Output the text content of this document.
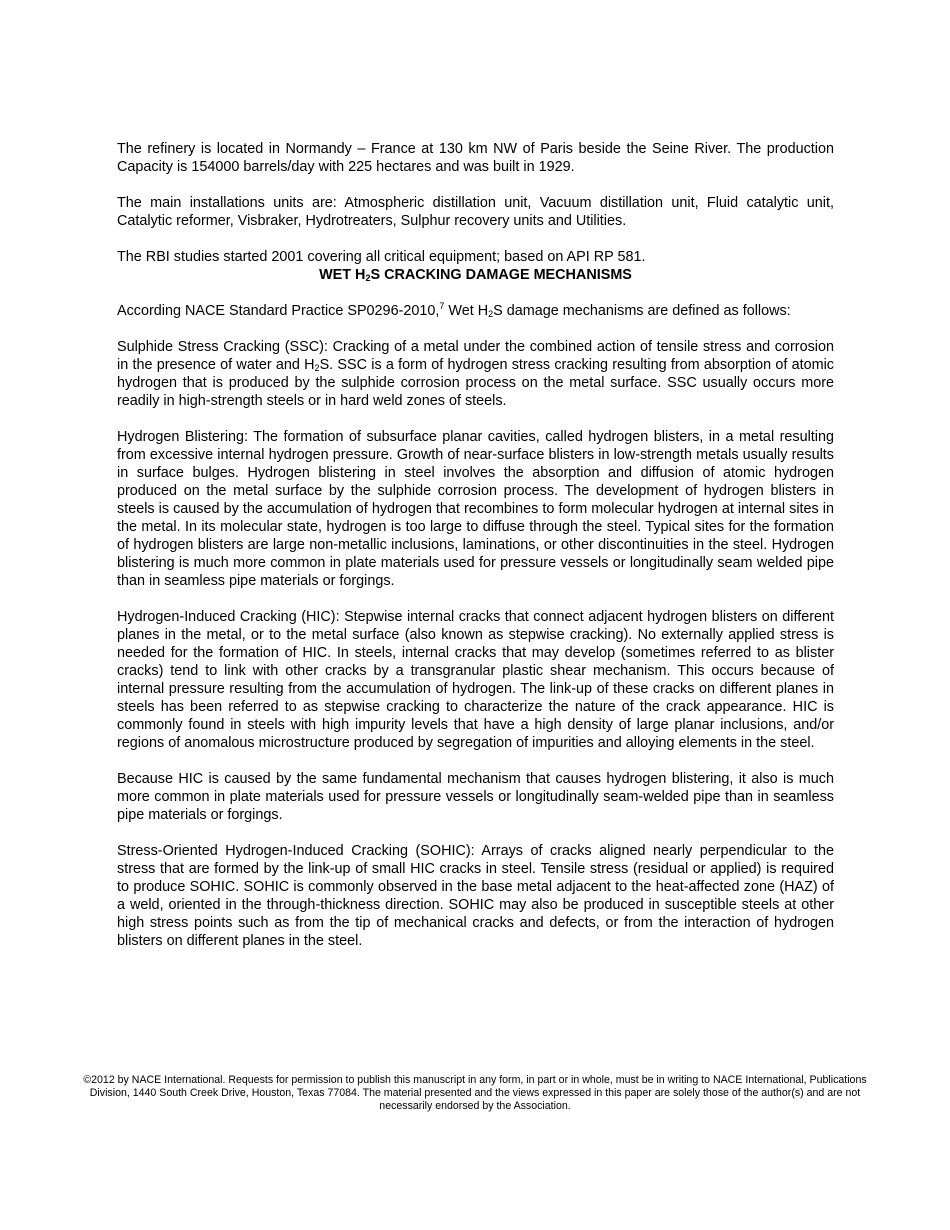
The refinery is located in Normandy – France at 130 km NW of Paris beside the Seine River. The production Capacity is 154000 barrels/day with 225 hectares and was built in 1929.

The main installations units are: Atmospheric distillation unit, Vacuum distillation unit, Fluid catalytic unit, Catalytic reformer, Visbraker, Hydrotreaters, Sulphur recovery units and Utilities.

The RBI studies started 2001 covering all critical equipment; based on API RP 581.

WET $H_2S$ CRACKING DAMAGE MECHANISMS

According NACE Standard Practice SP0296-2010,$^7$ Wet $H_2S$ damage mechanisms are defined as follows:

Sulphide Stress Cracking (SSC): Cracking of a metal under the combined action of tensile stress and corrosion in the presence of water and $H_2S$. SSC is a form of hydrogen stress cracking resulting from absorption of atomic hydrogen that is produced by the sulphide corrosion process on the metal surface. SSC usually occurs more readily in high-strength steels or in hard weld zones of steels.

Hydrogen Blistering: The formation of subsurface planar cavities, called hydrogen blisters, in a metal resulting from excessive internal hydrogen pressure. Growth of near-surface blisters in low-strength metals usually results in surface bulges. Hydrogen blistering in steel involves the absorption and diffusion of atomic hydrogen produced on the metal surface by the sulphide corrosion process. The development of hydrogen blisters in steels is caused by the accumulation of hydrogen that recombines to form molecular hydrogen at internal sites in the metal. In its molecular state, hydrogen is too large to diffuse through the steel. Typical sites for the formation of hydrogen blisters are large non-metallic inclusions, laminations, or other discontinuities in the steel. Hydrogen blistering is much more common in plate materials used for pressure vessels or longitudinally seam welded pipe than in seamless pipe materials or forgings.

Hydrogen-Induced Cracking (HIC): Stepwise internal cracks that connect adjacent hydrogen blisters on different planes in the metal, or to the metal surface (also known as stepwise cracking). No externally applied stress is needed for the formation of HIC. In steels, internal cracks that may develop (sometimes referred to as blister cracks) tend to link with other cracks by a transgranular plastic shear mechanism. This occurs because of internal pressure resulting from the accumulation of hydrogen. The link-up of these cracks on different planes in steels has been referred to as stepwise cracking to characterize the nature of the crack appearance. HIC is commonly found in steels with high impurity levels that have a high density of large planar inclusions, and/or regions of anomalous microstructure produced by segregation of impurities and alloying elements in the steel.

Because HIC is caused by the same fundamental mechanism that causes hydrogen blistering, it also is much more common in plate materials used for pressure vessels or longitudinally seam-welded pipe than in seamless pipe materials or forgings.

Stress-Oriented Hydrogen-Induced Cracking (SOHIC): Arrays of cracks aligned nearly perpendicular to the stress that are formed by the link-up of small HIC cracks in steel. Tensile stress (residual or applied) is required to produce SOHIC. SOHIC is commonly observed in the base metal adjacent to the heat-affected zone (HAZ) of a weld, oriented in the through-thickness direction. SOHIC may also be produced in susceptible steels at other high stress points such as from the tip of mechanical cracks and defects, or from the interaction of hydrogen blisters on different planes in the steel.

©2012 by NACE International. Requests for permission to publish this manuscript in any form, in part or in whole, must be in writing to NACE International, Publications Division, 1440 South Creek Drive, Houston, Texas 77084. The material presented and the views expressed in this paper are solely those of the author(s) and are not necessarily endorsed by the Association.
